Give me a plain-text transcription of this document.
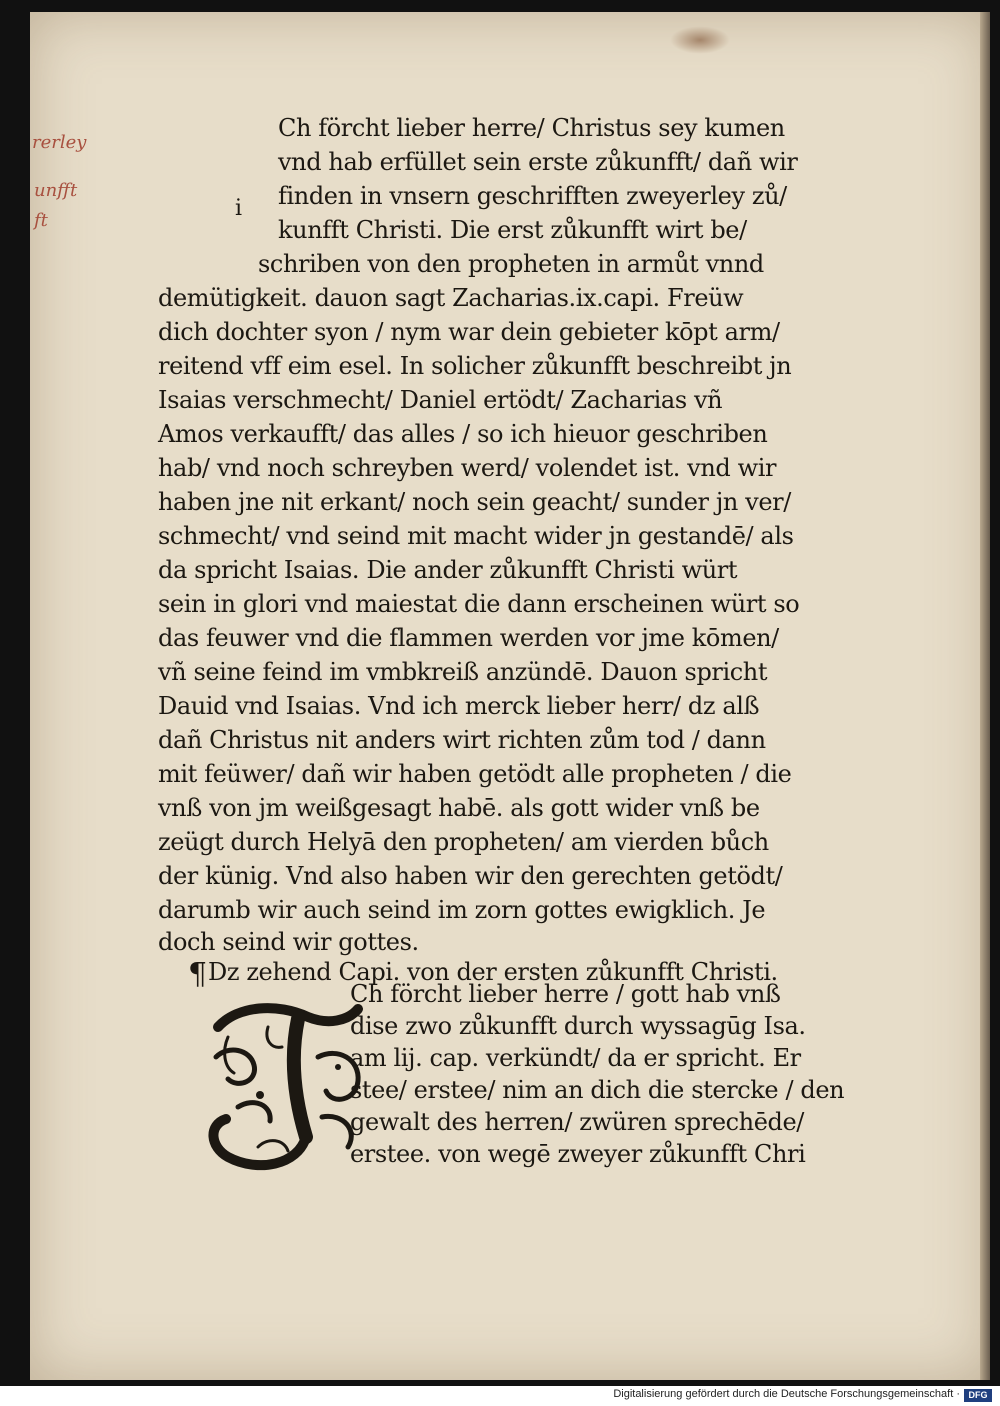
rerley

unfft

ft	i

Ch förcht lieber herre/ Christus sey kumen

vnd hab erfüllet sein erste zůkunfft/ dañ wir

finden in vnsern geschrifften zweyerley zů/

kunfft Christi. Die erst zůkunfft wirt be/

schriben von den propheten in armůt vnnd

demütigkeit. dauon sagt Zacharias.ix.capi. Freüw

dich dochter syon / nym war dein gebieter kōpt arm/

reitend vff eim esel. In solicher zůkunfft beschreibt jn

Isaias verschmecht/ Daniel ertödt/ Zacharias vñ

Amos verkaufft/ das alles / so ich hieuor geschriben

hab/ vnd noch schreyben werd/ volendet ist. vnd wir

haben jne nit erkant/ noch sein geacht/ sunder jn ver/

schmecht/ vnd seind mit macht wider jn gestandē/ als

da spricht Isaias. Die ander zůkunfft Christi würt

sein in glori vnd maiestat die dann erscheinen würt so

das feuwer vnd die flammen werden vor jme kōmen/

vñ seine feind im vmbkreiß anzündē. Dauon spricht

Dauid vnd Isaias. Vnd ich merck lieber herr/ dz alß

dañ Christus nit anders wirt richten zům tod / dann

mit feüwer/ dañ wir haben getödt alle propheten / die

vnß von jm weißgesagt habē. als gott wider vnß be

zeügt durch Helyā den propheten/ am vierden bůch

der künig. Vnd also haben wir den gerechten getödt/

darumb wir auch seind im zorn gottes ewigklich. Je

doch seind wir gottes.

¶ Dz zehend Capi. von der ersten zůkunfft Christi.

Ch förcht lieber herre / gott hab vnß

dise zwo zůkunfft durch wyssagūg Isa.

am lij. cap. verkündt/ da er spricht. Er

stee/ erstee/ nim an dich die stercke / den

gewalt des herren/ zwüren sprechēde/

erstee. von wegē zweyer zůkunfft Chri

Digitalisierung gefördert durch die Deutsche Forschungsgemeinschaft · DFG
